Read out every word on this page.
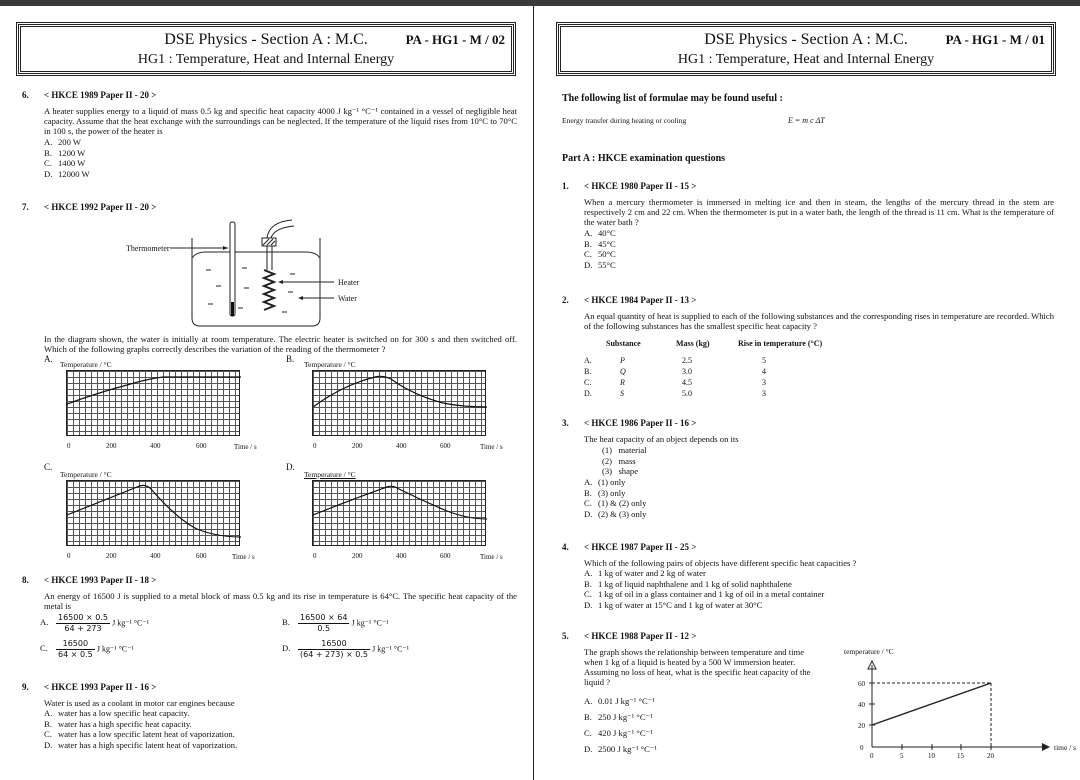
DSE Physics - Section A : M.C.
HG1 : Temperature, Heat and Internal Energy
PA - HG1 - M / 02
6. < HKCE 1989 Paper II - 20 >
A heater supplies energy to a liquid of mass 0.5 kg and specific heat capacity 4000 J kg⁻¹ °C⁻¹ contained in a vessel of negligible heat capacity. Assume that the heat exchange with the surroundings can be neglected. If the temperature of the liquid rises from 10°C to 70°C in 100 s, the power of the heater is
A. 200 W
B. 1200 W
C. 1400 W
D. 12000 W
7. < HKCE 1992 Paper II - 20 >
Thermometer
Heater
Water
In the diagram shown, the water is initially at room temperature. The electric heater is switched on for 300 s and then switched off. Which of the following graphs correctly describes the variation of the reading of the thermometer ?
A.
Temperature / °C
0	200	400	600	Time / s
B.
Temperature / °C
0	200	400	600	Time / s
C.
Temperature / °C
0	200	400	600	Time / s
D.
Temperature / °C
0	200	400	600	Time / s
8. < HKCE 1993 Paper II - 18 >
An energy of 16500 J is supplied to a metal block of mass 0.5 kg and its rise in temperature is 64°C. The specific heat capacity of the metal is
A. $\frac{16500 \times 0.5}{64 + 273}$ J kg⁻¹ °C⁻¹	B. $\frac{16500 \times 64}{0.5}$ J kg⁻¹ °C⁻¹
C. $\frac{16500}{64 \times 0.5}$ J kg⁻¹ °C⁻¹	D. $\frac{16500}{(64 + 273) \times 0.5}$ J kg⁻¹ °C⁻¹
9. < HKCE 1993 Paper II - 16 >
Water is used as a coolant in motor car engines because
A. water has a low specific heat capacity.
B. water has a high specific heat capacity.
C. water has a low specific latent heat of vaporization.
D. water has a high specific latent heat of vaporization.
DSE Physics - Section A : M.C.
HG1 : Temperature, Heat and Internal Energy
PA - HG1 - M / 01
The following list of formulae may be found useful :
Energy transfer during heating or cooling	E = m c ΔT
Part A : HKCE examination questions
1. < HKCE 1980 Paper II - 15 >
When a mercury thermometer is immersed in melting ice and then in steam, the lengths of the mercury thread in the stem are respectively 2 cm and 22 cm. When the thermometer is put in a water bath, the length of the thread is 11 cm. What is the temperature of the water bath ?
A. 40°C
B. 45°C
C. 50°C
D. 55°C
2. < HKCE 1984 Paper II - 13 >
An equal quantity of heat is supplied to each of the following substances and the corresponding rises in temperature are recorded. Which of the following substances has the smallest specific heat capacity ?
	Substance	Mass (kg)	Rise in temperature (°C)

A.	P	2.5	5
B.	Q	3.0	4
C.	R	4.5	3
D.	S	5.0	3
3. < HKCE 1986 Paper II - 16 >
The heat capacity of an object depends on its
(1)   material
(2)   mass
(3)   shape
A. (1) only
B. (3) only
C. (1) & (2) only
D. (2) & (3) only
4. < HKCE 1987 Paper II - 25 >
Which of the following pairs of objects have different specific heat capacities ?
A. 1 kg of water and 2 kg of water
B. 1 kg of liquid naphthalene and 1 kg of solid naphthalene
C. 1 kg of oil in a glass container and 1 kg of oil in a metal container
D. 1 kg of water at 15°C and 1 kg of water at 30°C
5. < HKCE 1988 Paper II - 12 >
The graph shows the relationship between temperature and time when 1 kg of a liquid is heated by a 500 W immersion heater. Assuming no loss of heat, what is the specific heat capacity of the liquid ?
A. 0.01 J kg⁻¹ °C⁻¹
B. 250 J kg⁻¹ °C⁻¹
C. 420 J kg⁻¹ °C⁻¹
D. 2500 J kg⁻¹ °C⁻¹
temperature / °C
60
40
20
0
0	5	10	15	20
time / s
